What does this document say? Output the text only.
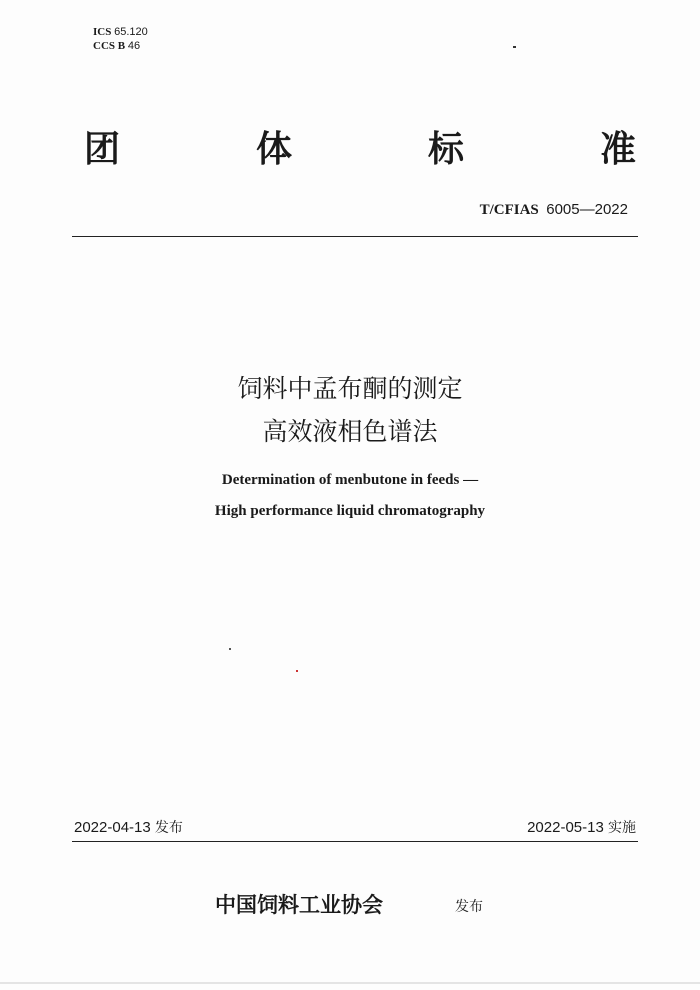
ICS 65.120
CCS B 46
团	体	标	准
T/CFIAS 6005—2022
饲料中孟布酮的测定
高效液相色谱法
Determination of menbutone in feeds —
High performance liquid chromatography
2022-04-13 发布	2022-05-13 实施
中国饲料工业协会	发布
